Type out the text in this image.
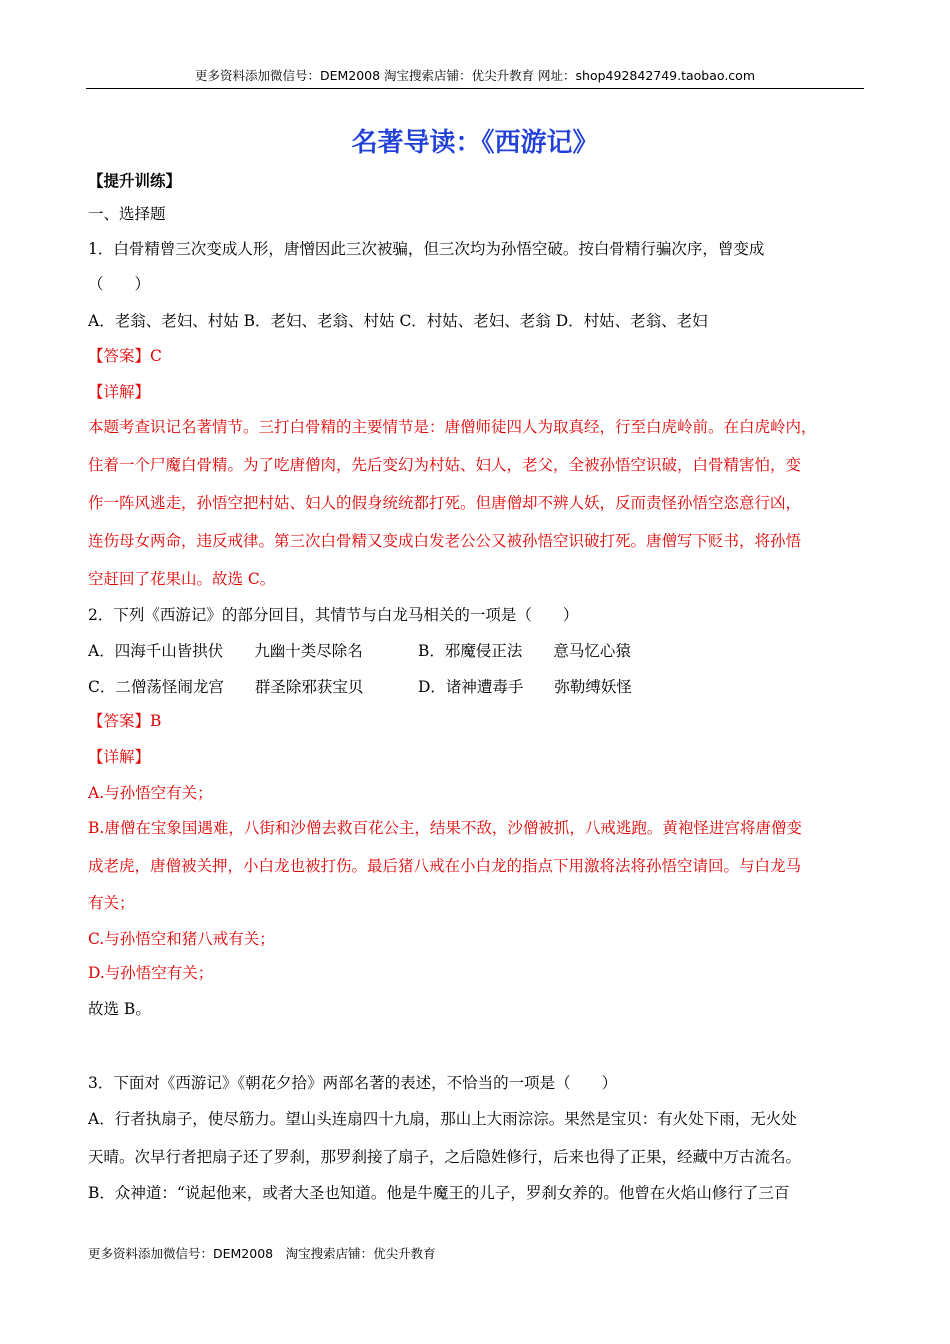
更多资料添加微信号：DEM2008 淘宝搜索店铺：优尖升教育 网址：shop492842749.taobao.com
名著导读：《西游记》
【提升训练】
一、选择题
1．白骨精曾三次变成人形，唐憎因此三次被骗，但三次均为孙悟空破。按白骨精行骗次序，曾变成
（　　）
A．老翁、老妇、村姑 B．老妇、老翁、村姑 C．村姑、老妇、老翁 D．村姑、老翁、老妇
【答案】C
【详解】
本题考查识记名著情节。三打白骨精的主要情节是：唐僧师徒四人为取真经，行至白虎岭前。在白虎岭内，
住着一个尸魔白骨精。为了吃唐僧肉，先后变幻为村姑、妇人，老父，全被孙悟空识破，白骨精害怕，变
作一阵风逃走，孙悟空把村姑、妇人的假身统统都打死。但唐僧却不辨人妖，反而责怪孙悟空恣意行凶，
连伤母女两命，违反戒律。第三次白骨精又变成白发老公公又被孙悟空识破打死。唐僧写下贬书，将孙悟
空赶回了花果山。故选 C。
2．下列《西游记》的部分回目，其情节与白龙马相关的一项是（　　）
A．四海千山皆拱伏　　九幽十类尽除名	B．邪魔侵正法　　意马忆心猿
C．二僧荡怪闹龙宫　　群圣除邪获宝贝	D．诸神遭毒手　　弥勒缚妖怪
【答案】B
【详解】
A.与孙悟空有关；
B.唐僧在宝象国遇难，八街和沙僧去救百花公主，结果不敌，沙僧被抓，八戒逃跑。黄袍怪进宫将唐僧变
成老虎，唐僧被关押，小白龙也被打伤。最后猪八戒在小白龙的指点下用激将法将孙悟空请回。与白龙马
有关；
C.与孙悟空和猪八戒有关；
D.与孙悟空有关；
故选 B。
3．下面对《西游记》《朝花夕拾》两部名著的表述，不恰当的一项是（　　）
A．行者执扇子，使尽筋力。望山头连扇四十九扇，那山上大雨淙淙。果然是宝贝：有火处下雨，无火处
天晴。次早行者把扇子还了罗刹，那罗刹接了扇子，之后隐姓修行，后来也得了正果，经藏中万古流名。
B．众神道：“说起他来，或者大圣也知道。他是牛魔王的儿子，罗刹女养的。他曾在火焰山修行了三百
更多资料添加微信号：DEM2008　淘宝搜索店铺：优尖升教育
